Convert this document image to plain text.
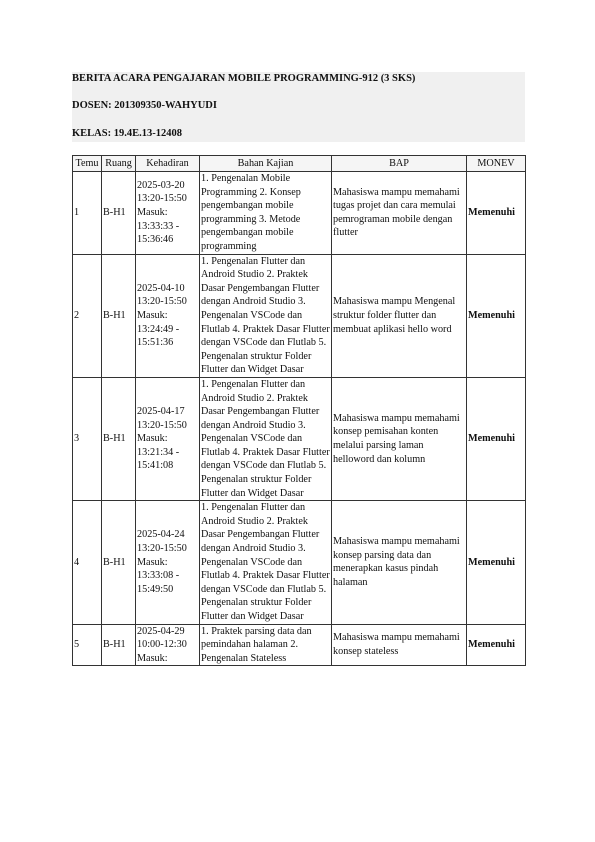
BERITA ACARA PENGAJARAN MOBILE PROGRAMMING-912 (3 SKS)
DOSEN: 201309350-WAHYUDI
KELAS: 19.4E.13-12408
Temu	Ruang	Kehadiran	Bahan Kajian	BAP	MONEV
1	B-H1	2025-03-20 13:20-15:50 Masuk: 13:33:33 - 15:36:46	1. Pengenalan Mobile Programming 2. Konsep pengembangan mobile programming 3. Metode pengembangan mobile programming	Mahasiswa mampu memahami tugas projet dan cara memulai pemrograman mobile dengan flutter	Memenuhi
2	B-H1	2025-04-10 13:20-15:50 Masuk: 13:24:49 - 15:51:36	1. Pengenalan Flutter dan Android Studio 2. Praktek Dasar Pengembangan Flutter dengan Android Studio 3. Pengenalan VSCode dan Flutlab 4. Praktek Dasar Flutter dengan VSCode dan Flutlab 5. Pengenalan struktur Folder Flutter dan Widget Dasar	Mahasiswa mampu Mengenal struktur folder flutter dan membuat aplikasi hello word	Memenuhi
3	B-H1	2025-04-17 13:20-15:50 Masuk: 13:21:34 - 15:41:08	1. Pengenalan Flutter dan Android Studio 2. Praktek Dasar Pengembangan Flutter dengan Android Studio 3. Pengenalan VSCode dan Flutlab 4. Praktek Dasar Flutter dengan VSCode dan Flutlab 5. Pengenalan struktur Folder Flutter dan Widget Dasar	Mahasiswa mampu memahami konsep pemisahan konten melalui parsing laman helloword dan kolumn	Memenuhi
4	B-H1	2025-04-24 13:20-15:50 Masuk: 13:33:08 - 15:49:50	1. Pengenalan Flutter dan Android Studio 2. Praktek Dasar Pengembangan Flutter dengan Android Studio 3. Pengenalan VSCode dan Flutlab 4. Praktek Dasar Flutter dengan VSCode dan Flutlab 5. Pengenalan struktur Folder Flutter dan Widget Dasar	Mahasiswa mampu memahami konsep parsing data dan menerapkan kasus pindah halaman	Memenuhi
5	B-H1	2025-04-29 10:00-12:30 Masuk:	1. Praktek parsing data dan pemindahan halaman 2. Pengenalan Stateless	Mahasiswa mampu memahami konsep stateless	Memenuhi
